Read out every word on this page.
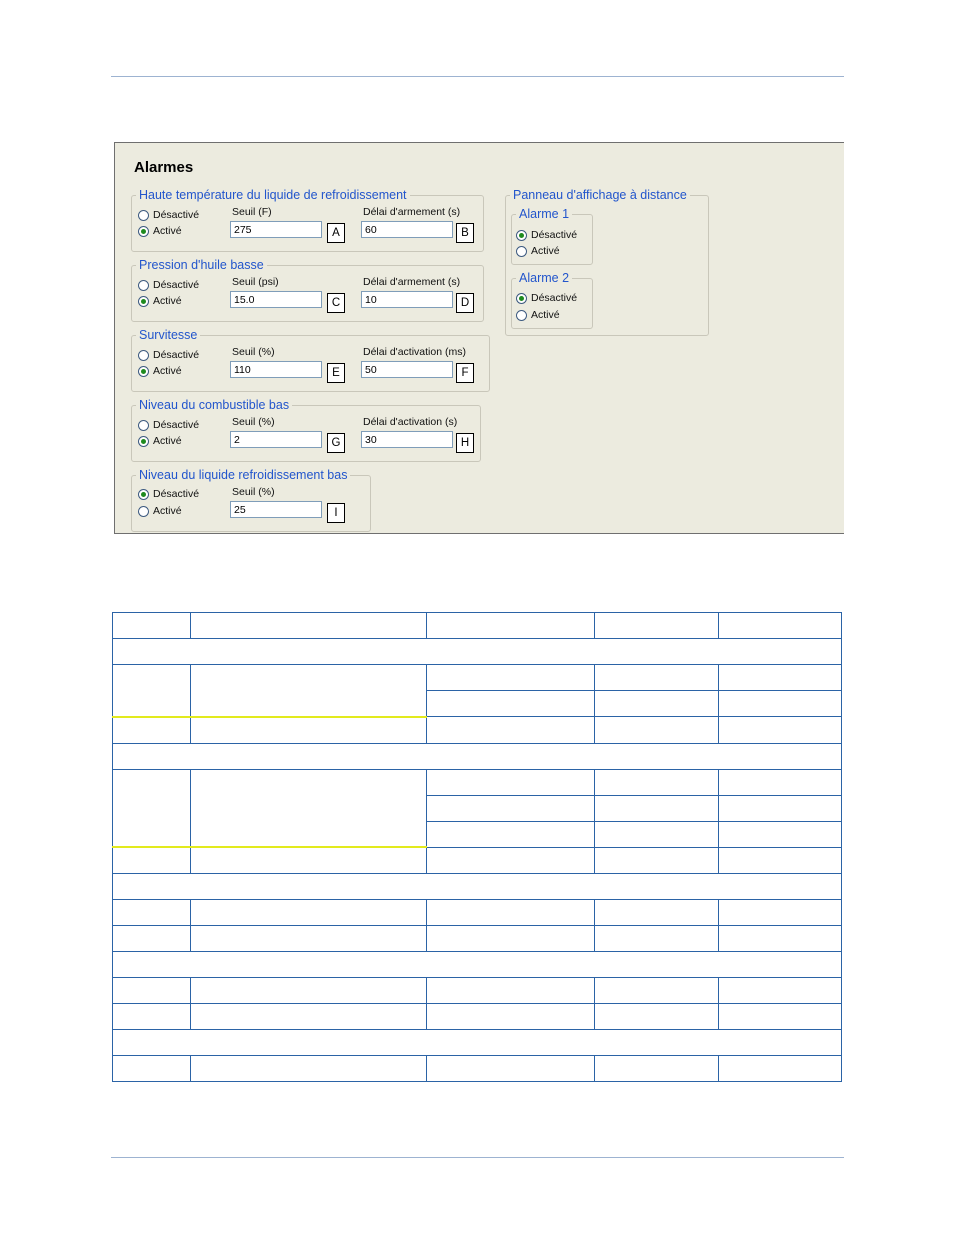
Alarmes
Haute température du liquide de refroidissement
Pression d'huile basse
Survitesse
Niveau du combustible bas
Niveau du liquide refroidissement bas
Panneau d'affichage à distance
Alarme 1
Alarme 2
Désactivé
Activé
Désactivé
Activé
Désactivé
Activé
Désactivé
Activé
Désactivé
Activé
Désactivé
Activé
Désactivé
Activé
Seuil (F)	Délai d'armement (s)
275	A	60	B
Seuil (psi)	Délai d'armement (s)
15.0	C	10	D
Seuil (%)	Délai d'activation (ms)
110	E	50	F
Seuil (%)	Délai d'activation (s)
2	G	30	H
Seuil (%)
25	I
